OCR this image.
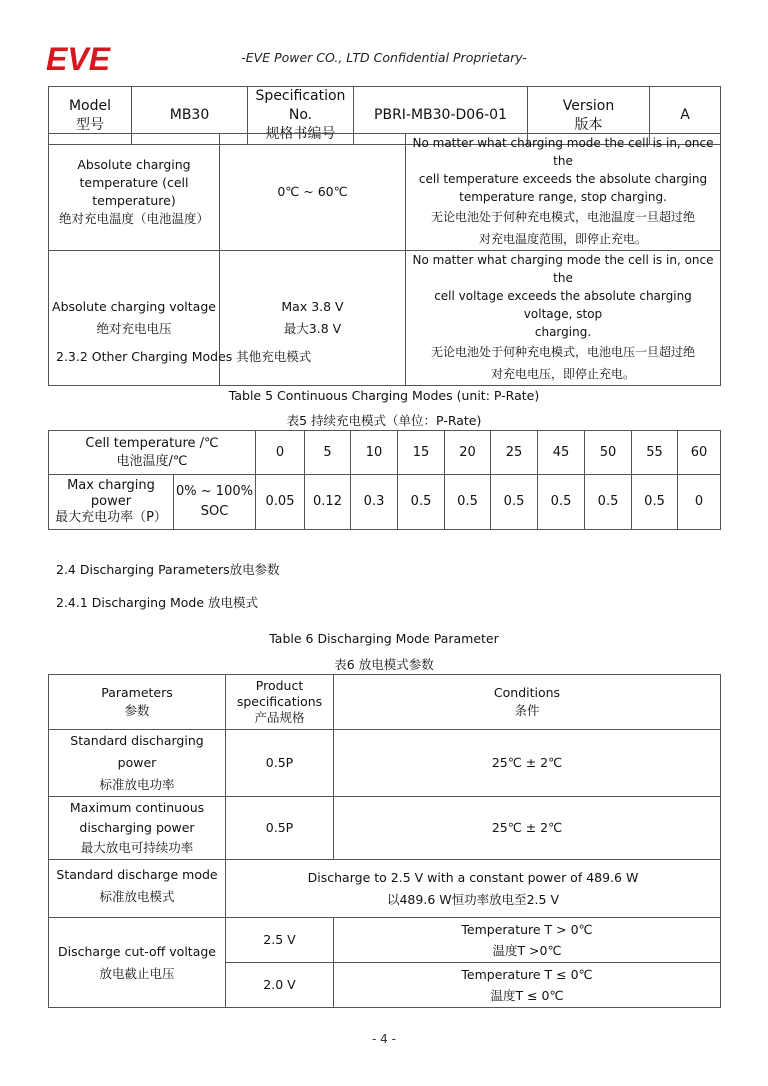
EVE	-EVE Power CO., LTD Confidential Proprietary-
Model
型号
	MB30	
Specification No.
规格书编号
	PBRI-MB30-D06-01	
Version
版本
	A
Absolute charging
temperature (cell
temperature)
绝对充电温度（电池温度）	0℃ ~ 60℃	No matter what charging mode the cell is in, once the
cell temperature exceeds the absolute charging
temperature range, stop charging.
无论电池处于何种充电模式，电池温度一旦超过绝
对充电温度范围，即停止充电。

Absolute charging voltage
绝对充电电压	Max 3.8 V
最大3.8 V	No matter what charging mode the cell is in, once the
cell voltage exceeds the absolute charging voltage, stop
charging.
无论电池处于何种充电模式，电池电压一旦超过绝
对充电电压，即停止充电。
2.3.2 Other Charging Modes 其他充电模式
Table 5 Continuous Charging Modes (unit: P-Rate)
表5 持续充电模式（单位：P-Rate)
Cell temperature /℃
电池温度/℃		0	5	10	15	20	25	45	50	55	60

Max charging
power
最大充电功率（P）	0% ~ 100%
SOC	0.05	0.12	0.3	0.5	0.5	0.5	0.5	0.5	0.5	0
2.4 Discharging Parameters放电参数
2.4.1 Discharging Mode 放电模式
Table 6 Discharging Mode Parameter
表6 放电模式参数
Parameters
参数	Product
specifications
产品规格	Conditions
条件

Standard discharging power
标准放电功率	0.5P	25℃ ± 2℃

Maximum continuous
discharging power
最大放电可持续功率	0.5P	25℃ ± 2℃

Standard discharge mode
标准放电模式	Discharge to 2.5 V with a constant power of 489.6 W
以489.6 W恒功率放电至2.5 V	

Discharge cut-off voltage
放电截止电压	2.5 V	Temperature T > 0℃
温度T >0℃

	2.0 V	Temperature T ≤ 0℃
温度T ≤ 0℃
- 4 -
